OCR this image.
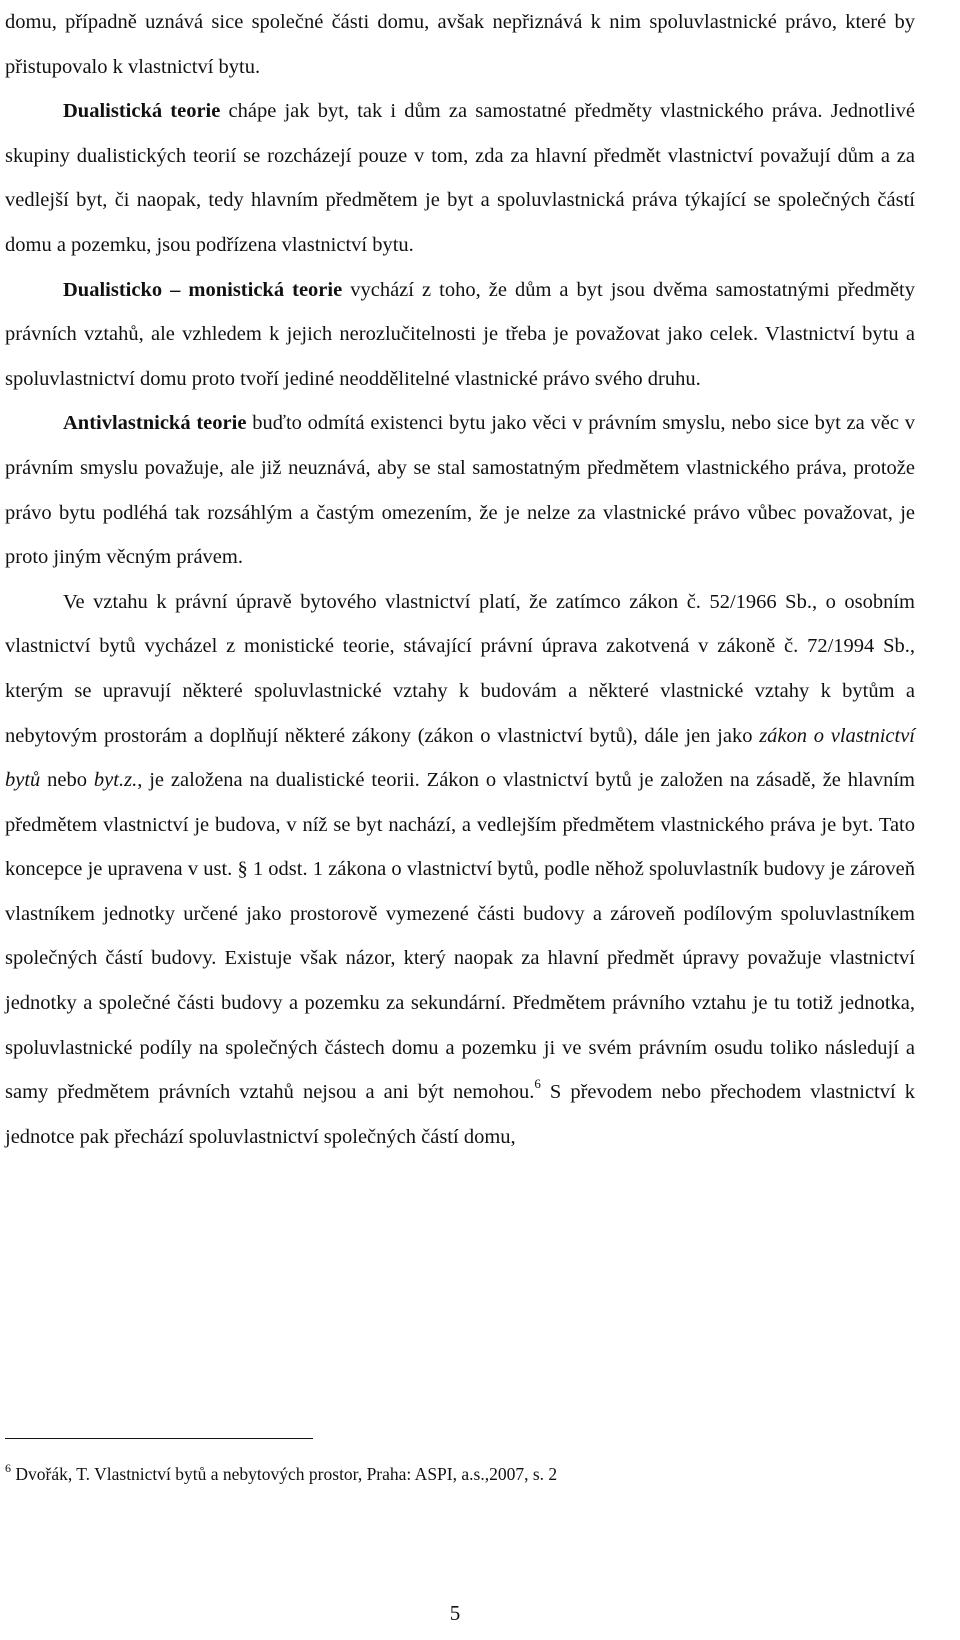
domu, případně uznává sice společné části domu, avšak nepřiznává k nim spoluvlastnické právo, které by přistupovalo k vlastnictví bytu.

Dualistická teorie chápe jak byt, tak i dům za samostatné předměty vlastnického práva. Jednotlivé skupiny dualistických teorií se rozcházejí pouze v tom, zda za hlavní předmět vlastnictví považují dům a za vedlejší byt, či naopak, tedy hlavním předmětem je byt a spoluvlastnická práva týkající se společných částí domu a pozemku, jsou podřízena vlastnictví bytu.

Dualisticko – monistická teorie vychází z toho, že dům a byt jsou dvěma samostatnými předměty právních vztahů, ale vzhledem k jejich nerozlučitelnosti je třeba je považovat jako celek. Vlastnictví bytu a spoluvlastnictví domu proto tvoří jediné neoddělitelné vlastnické právo svého druhu.

Antivlastnická teorie buďto odmítá existenci bytu jako věci v právním smyslu, nebo sice byt za věc v právním smyslu považuje, ale již neuznává, aby se stal samostatným předmětem vlastnického práva, protože právo bytu podléhá tak rozsáhlým a častým omezením, že je nelze za vlastnické právo vůbec považovat, je proto jiným věcným právem.

Ve vztahu k právní úpravě bytového vlastnictví platí, že zatímco zákon č. 52/1966 Sb., o osobním vlastnictví bytů vycházel z monistické teorie, stávající právní úprava zakotvená v zákoně č. 72/1994 Sb., kterým se upravují některé spoluvlastnické vztahy k budovám a některé vlastnické vztahy k bytům a nebytovým prostorám a doplňují některé zákony (zákon o vlastnictví bytů), dále jen jako zákon o vlastnictví bytů nebo byt.z., je založena na dualistické teorii. Zákon o vlastnictví bytů je založen na zásadě, že hlavním předmětem vlastnictví je budova, v níž se byt nachází, a vedlejším předmětem vlastnického práva je byt. Tato koncepce je upravena v ust. § 1 odst. 1 zákona o vlastnictví bytů, podle něhož spoluvlastník budovy je zároveň vlastníkem jednotky určené jako prostorově vymezené části budovy a zároveň podílovým spoluvlastníkem společných částí budovy. Existuje však názor, který naopak za hlavní předmět úpravy považuje vlastnictví jednotky a společné části budovy a pozemku za sekundární. Předmětem právního vztahu je tu totiž jednotka, spoluvlastnické podíly na společných částech domu a pozemku ji ve svém právním osudu toliko následují a samy předmětem právních vztahů nejsou a ani být nemohou.$^6$ S převodem nebo přechodem vlastnictví k jednotce pak přechází spoluvlastnictví společných částí domu,

$^6$ Dvořák, T. Vlastnictví bytů a nebytových prostor, Praha: ASPI, a.s.,2007, s. 2
5
